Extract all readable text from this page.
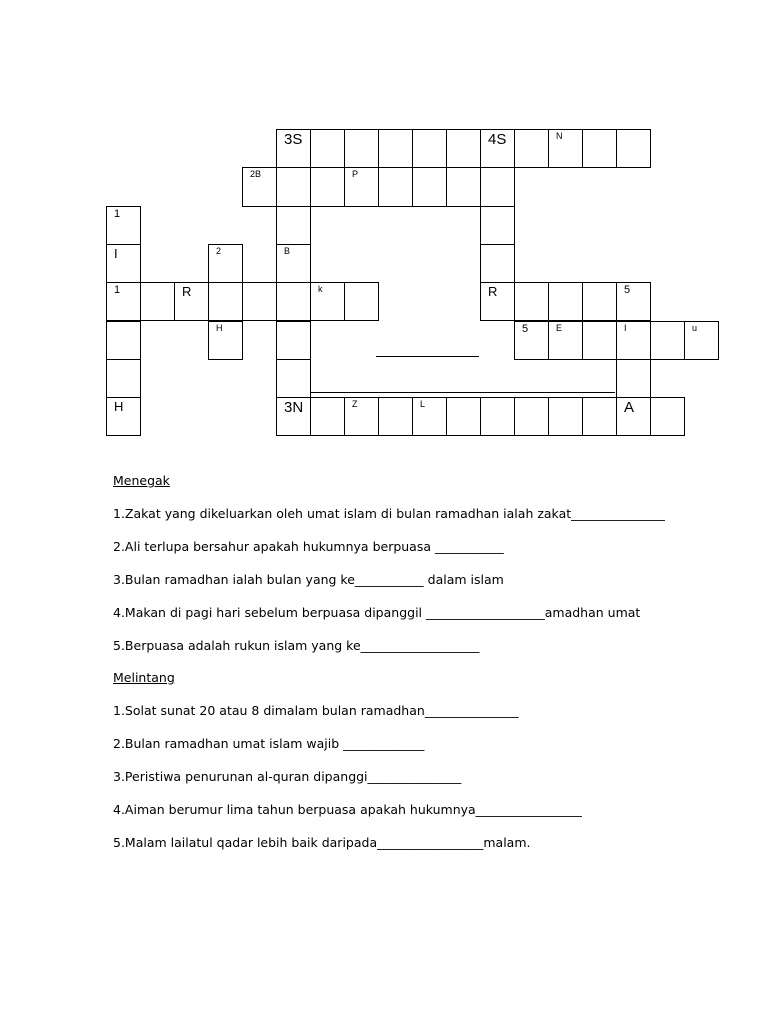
3S	4S	N
2B	P
1
I	2	B
1	R	k	R	5
H	5	E	I	u
H	3N	Z	L	A
Menegak
1.Zakat yang dikeluarkan oleh umat islam di bulan ramadhan ialah zakat_______________
2.Ali terlupa bersahur apakah hukumnya berpuasa ___________
3.Bulan ramadhan ialah bulan yang ke___________ dalam islam
4.Makan di pagi hari sebelum berpuasa dipanggil ___________________amadhan umat
5.Berpuasa adalah rukun islam yang ke___________________
Melintang
1.Solat sunat 20 atau 8 dimalam bulan ramadhan_______________
2.Bulan ramadhan umat islam wajib _____________
3.Peristiwa penurunan al-quran dipanggi_______________
4.Aiman berumur lima tahun berpuasa apakah hukumnya_________________
5.Malam lailatul qadar lebih baik daripada_________________malam.
